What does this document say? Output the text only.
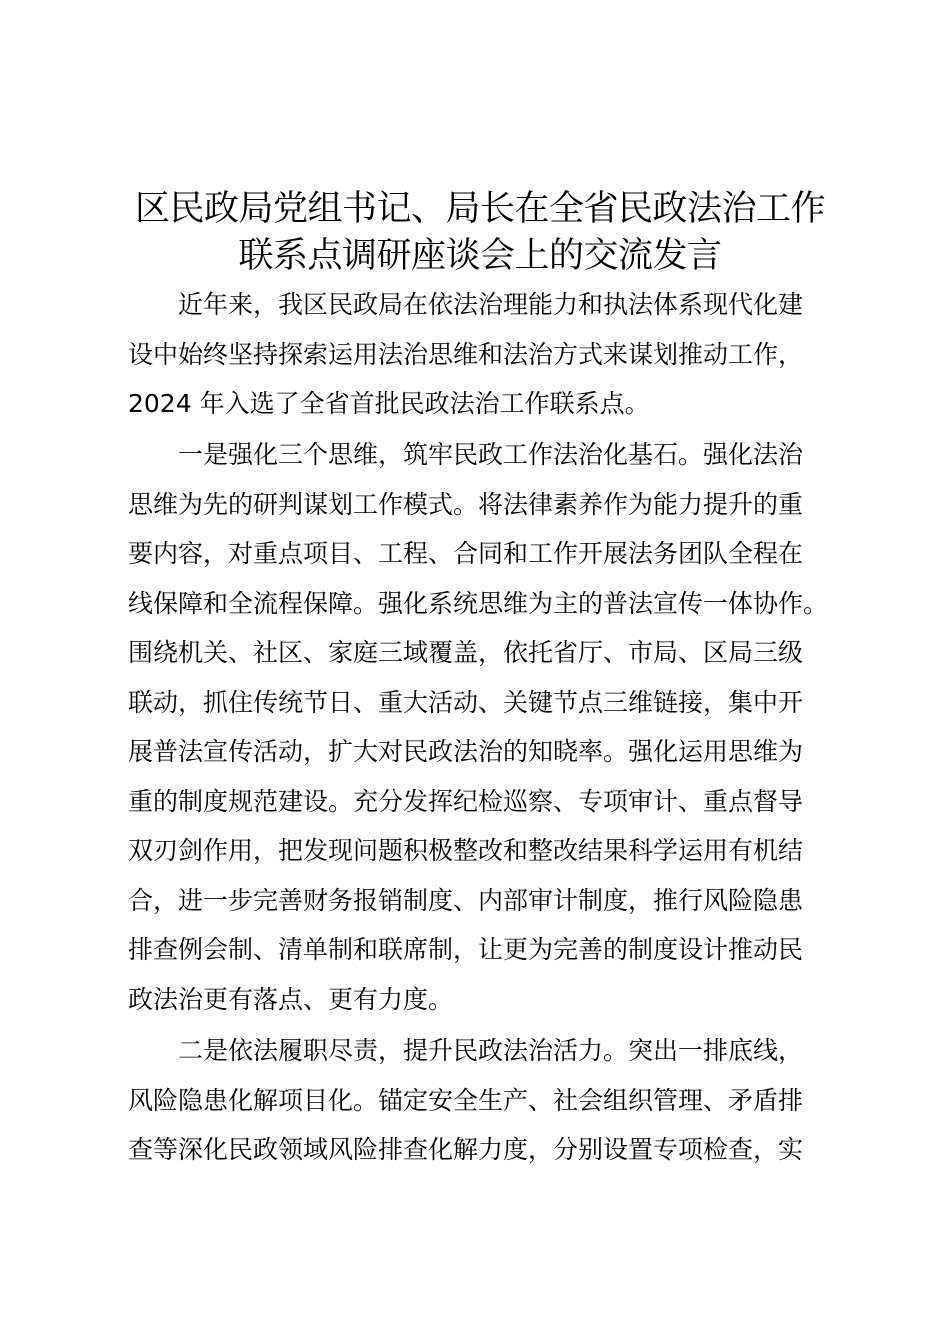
区民政局党组书记、局长在全省民政法治工作
联系点调研座谈会上的交流发言
近年来，我区民政局在依法治理能力和执法体系现代化建
设中始终坚持探索运用法治思维和法治方式来谋划推动工作，
2024 年入选了全省首批民政法治工作联系点。
一是强化三个思维，筑牢民政工作法治化基石。强化法治
思维为先的研判谋划工作模式。将法律素养作为能力提升的重
要内容，对重点项目、工程、合同和工作开展法务团队全程在
线保障和全流程保障。强化系统思维为主的普法宣传一体协作。
围绕机关、社区、家庭三域覆盖，依托省厅、市局、区局三级
联动，抓住传统节日、重大活动、关键节点三维链接，集中开
展普法宣传活动，扩大对民政法治的知晓率。强化运用思维为
重的制度规范建设。充分发挥纪检巡察、专项审计、重点督导
双刃剑作用，把发现问题积极整改和整改结果科学运用有机结
合，进一步完善财务报销制度、内部审计制度，推行风险隐患
排查例会制、清单制和联席制，让更为完善的制度设计推动民
政法治更有落点、更有力度。
二是依法履职尽责，提升民政法治活力。突出一排底线，
风险隐患化解项目化。锚定安全生产、社会组织管理、矛盾排
查等深化民政领域风险排查化解力度，分别设置专项检查，实
